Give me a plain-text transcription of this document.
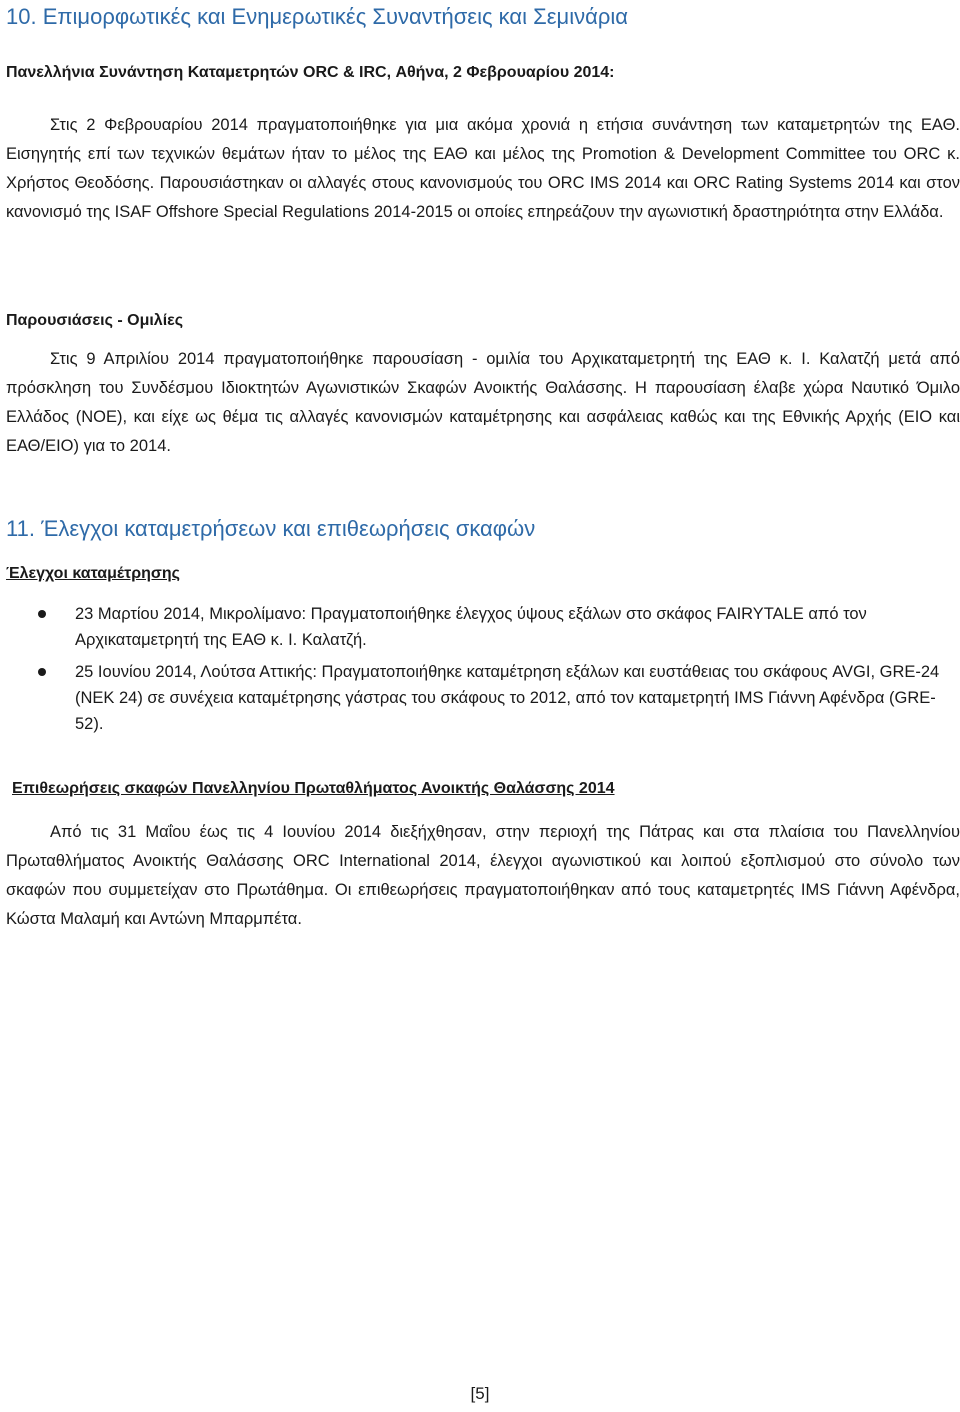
10. Επιμορφωτικές και Ενημερωτικές Συναντήσεις και Σεμινάρια
Πανελλήνια Συνάντηση Καταμετρητών ORC & IRC, Αθήνα, 2 Φεβρουαρίου 2014:
Στις 2 Φεβρουαρίου 2014 πραγματοποιήθηκε για μια ακόμα χρονιά η ετήσια συνάντηση των καταμετρητών της ΕΑΘ. Εισηγητής επί των τεχνικών θεμάτων ήταν το μέλος της ΕΑΘ και μέλος της Promotion & Development Committee του ORC κ. Χρήστος Θεοδόσης. Παρουσιάστηκαν οι αλλαγές στους κανονισμούς του ORC IMS 2014 και ORC Rating Systems 2014 και στον κανονισμό της ISAF Offshore Special Regulations 2014-2015 οι οποίες επηρεάζουν την αγωνιστική δραστηριότητα στην Ελλάδα.
Παρουσιάσεις - Ομιλίες
Στις 9 Απριλίου 2014 πραγματοποιήθηκε παρουσίαση - ομιλία του Αρχικαταμετρητή της ΕΑΘ κ. Ι. Καλατζή μετά από πρόσκληση του Συνδέσμου Ιδιοκτητών Αγωνιστικών Σκαφών Ανοικτής Θαλάσσης. Η παρουσίαση έλαβε χώρα Ναυτικό Όμιλο Ελλάδος (ΝΟΕ), και είχε ως θέμα τις αλλαγές κανονισμών καταμέτρησης και ασφάλειας καθώς και της Εθνικής Αρχής (ΕΙΟ και ΕΑΘ/ΕΙΟ) για το 2014.
11. Έλεγχοι καταμετρήσεων και επιθεωρήσεις σκαφών
Έλεγχοι καταμέτρησης
23 Μαρτίου 2014, Μικρολίμανο: Πραγματοποιήθηκε έλεγχος ύψους εξάλων στο σκάφος FAIRYTALE από τον Αρχικαταμετρητή της ΕΑΘ κ. Ι. Καλατζή.
25 Ιουνίου 2014, Λούτσα Αττικής: Πραγματοποιήθηκε καταμέτρηση εξάλων και ευστάθειας του σκάφους AVGI, GRE-24 (ΝΕΚ 24) σε συνέχεια καταμέτρησης γάστρας του σκάφους το 2012, από τον καταμετρητή IMS Γιάννη Αφένδρα (GRE-52).
Επιθεωρήσεις σκαφών Πανελληνίου Πρωταθλήματος Ανοικτής Θαλάσσης 2014
Από τις 31 Μαΐου έως τις 4 Ιουνίου 2014 διεξήχθησαν, στην περιοχή της Πάτρας και στα πλαίσια του Πανελληνίου Πρωταθλήματος Ανοικτής Θαλάσσης ORC International 2014, έλεγχοι αγωνιστικού και λοιπού εξοπλισμού στο σύνολο των σκαφών που συμμετείχαν στο Πρωτάθημα. Οι επιθεωρήσεις πραγματοποιήθηκαν από τους καταμετρητές IMS Γιάννη Αφένδρα, Κώστα Μαλαμή και Αντώνη Μπαρμπέτα.
[5]
